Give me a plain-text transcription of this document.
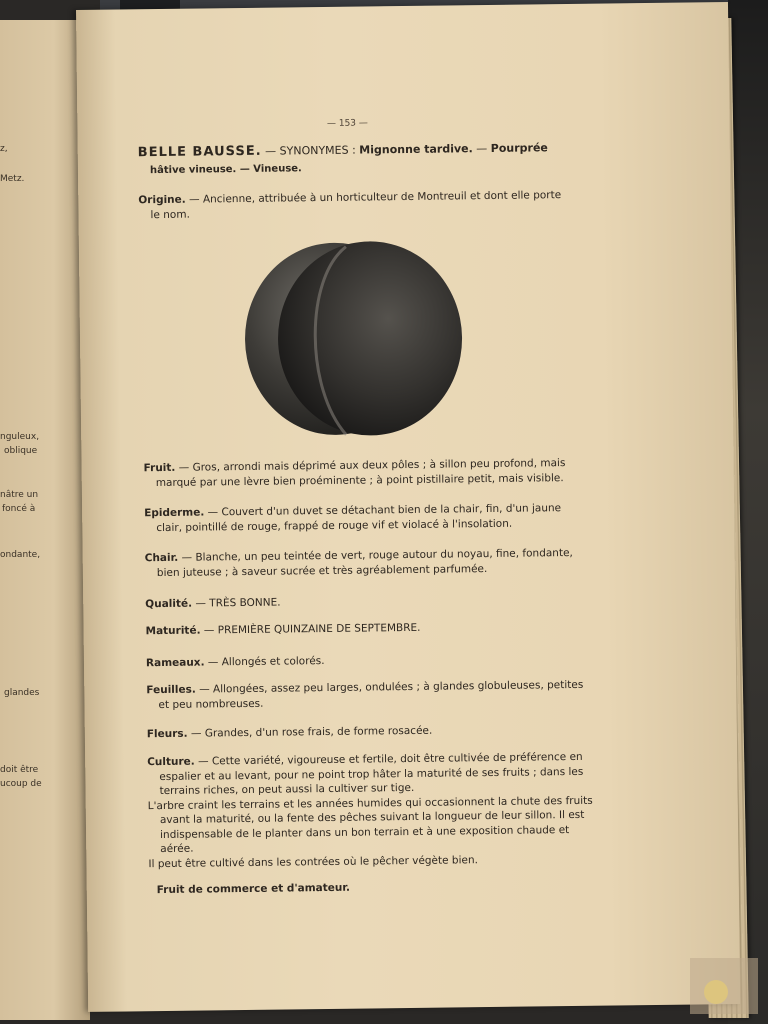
z,
Metz.
nguleux,
oblique
nâtre un
foncé à
ondante,
glandes
doit être
ucoup de
— 153 —
BELLE BAUSSE. — SYNONYMES : Mignonne tardive. — Pourprée
hâtive vineuse. — Vineuse.
Origine. — Ancienne, attribuée à un horticulteur de Montreuil et dont elle porte
le nom.
Fruit. — Gros, arrondi mais déprimé aux deux pôles ; à sillon peu profond, mais
marqué par une lèvre bien proéminente ; à point pistillaire petit, mais visible.
Epiderme. — Couvert d'un duvet se détachant bien de la chair, fin, d'un jaune
clair, pointillé de rouge, frappé de rouge vif et violacé à l'insolation.
Chair. — Blanche, un peu teintée de vert, rouge autour du noyau, fine, fondante,
bien juteuse ; à saveur sucrée et très agréablement parfumée.
Qualité. — TRÈS BONNE.
Maturité. — PREMIÈRE QUINZAINE DE SEPTEMBRE.
Rameaux. — Allongés et colorés.
Feuilles. — Allongées, assez peu larges, ondulées ; à glandes globuleuses, petites
et peu nombreuses.
Fleurs. — Grandes, d'un rose frais, de forme rosacée.
Culture. — Cette variété, vigoureuse et fertile, doit être cultivée de préférence en
espalier et au levant, pour ne point trop hâter la maturité de ses fruits ; dans les
terrains riches, on peut aussi la cultiver sur tige.
L'arbre craint les terrains et les années humides qui occasionnent la chute des fruits
avant la maturité, ou la fente des pêches suivant la longueur de leur sillon. Il est
indispensable de le planter dans un bon terrain et à une exposition chaude et
aérée.
Il peut être cultivé dans les contrées où le pêcher végète bien.
Fruit de commerce et d'amateur.
